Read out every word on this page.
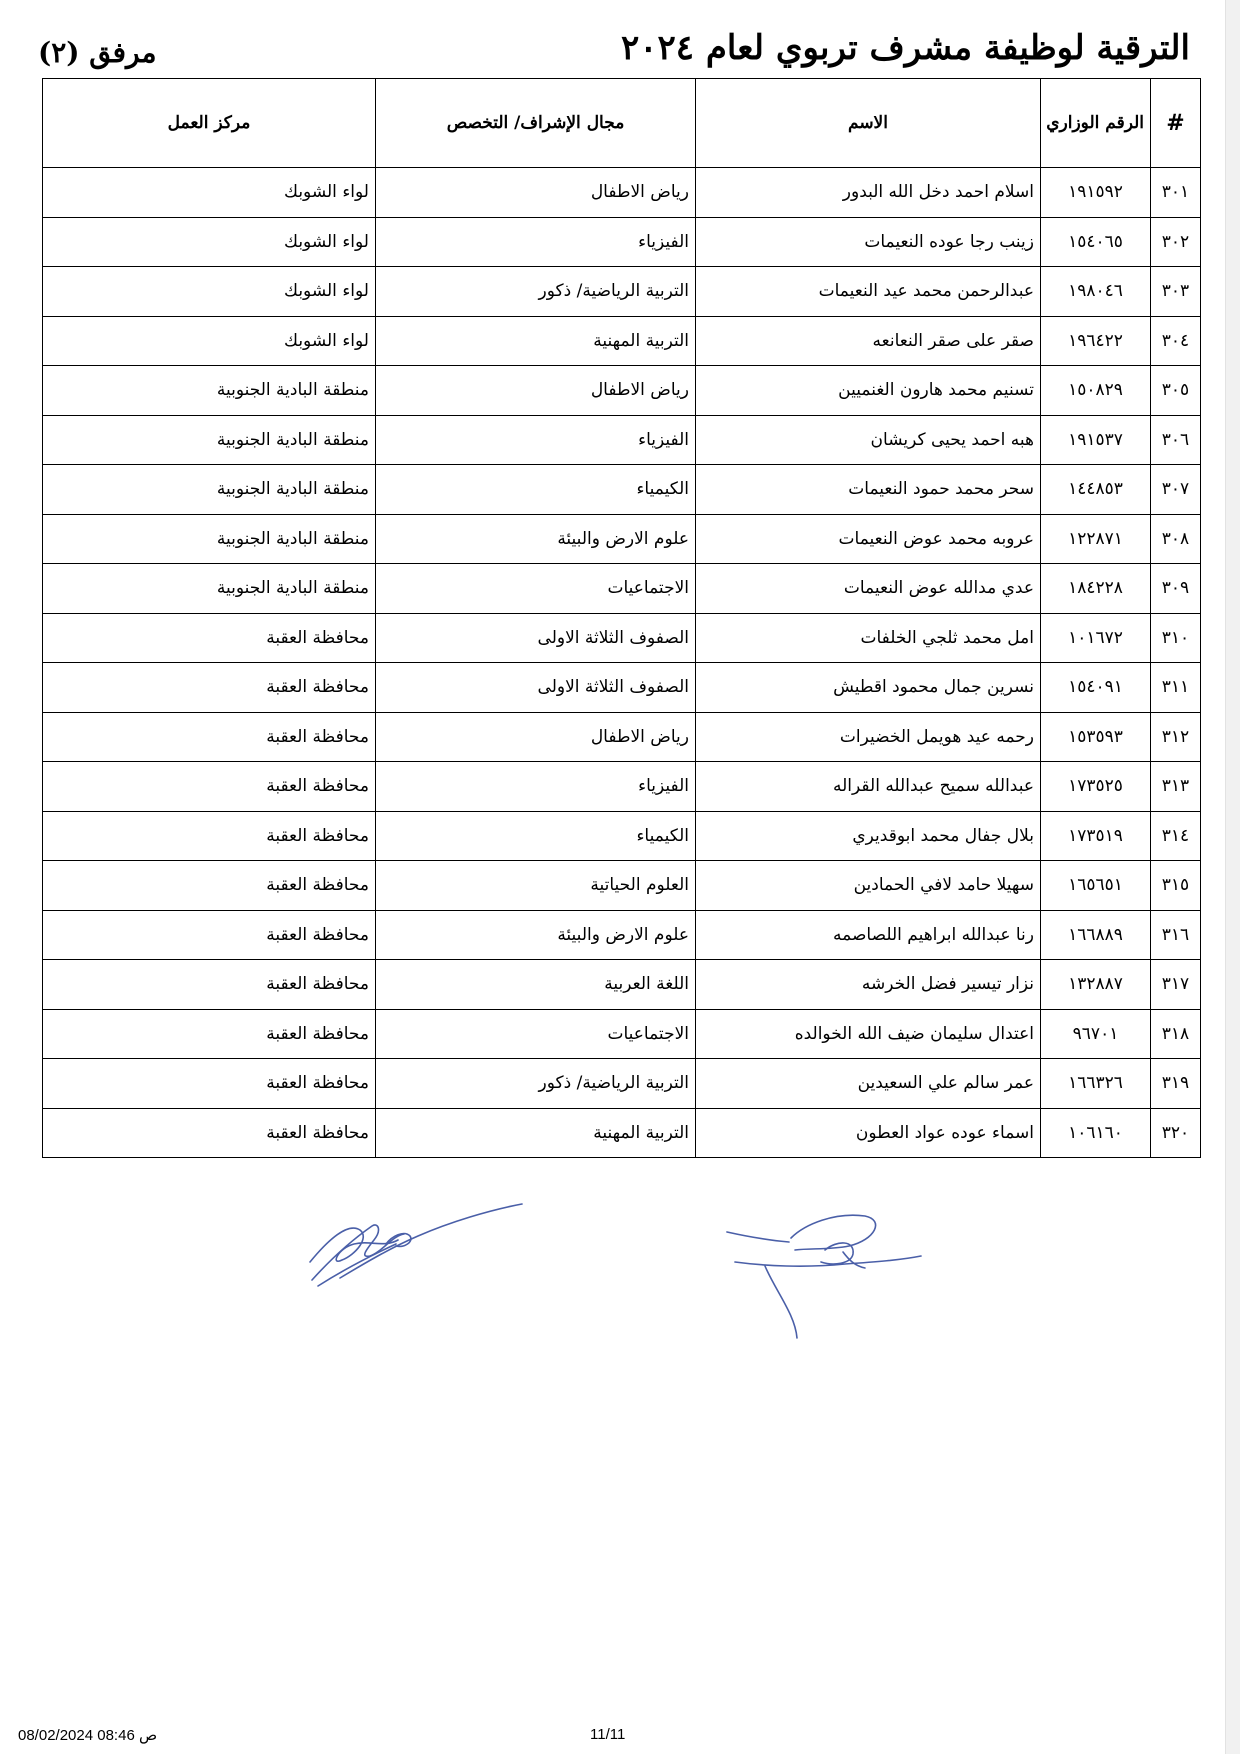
الترقية لوظيفة مشرف تربوي لعام ٢٠٢٤
مرفق (٢)
#	الرقم الوزاري	الاسم	مجال الإشراف/ التخصص	مركز العمل
٣٠١	١٩١٥٩٢	اسلام احمد دخل الله البدور	رياض الاطفال	لواء الشوبك
٣٠٢	١٥٤٠٦٥	زينب رجا عوده النعيمات	الفيزياء	لواء الشوبك
٣٠٣	١٩٨٠٤٦	عبدالرحمن محمد عيد النعيمات	التربية الرياضية/ ذكور	لواء الشوبك
٣٠٤	١٩٦٤٢٢	صقر على صقر النعانعه	التربية المهنية	لواء الشوبك
٣٠٥	١٥٠٨٢٩	تسنيم محمد هارون الغنميين	رياض الاطفال	منطقة البادية الجنوبية
٣٠٦	١٩١٥٣٧	هبه احمد يحيى كريشان	الفيزياء	منطقة البادية الجنوبية
٣٠٧	١٤٤٨٥٣	سحر محمد حمود النعيمات	الكيمياء	منطقة البادية الجنوبية
٣٠٨	١٢٢٨٧١	عروبه محمد عوض النعيمات	علوم الارض والبيئة	منطقة البادية الجنوبية
٣٠٩	١٨٤٢٢٨	عدي مدالله عوض النعيمات	الاجتماعيات	منطقة البادية الجنوبية
٣١٠	١٠١٦٧٢	امل محمد ثلجي الخلفات	الصفوف الثلاثة الاولى	محافظة العقبة
٣١١	١٥٤٠٩١	نسرين جمال محمود اقطيش	الصفوف الثلاثة الاولى	محافظة العقبة
٣١٢	١٥٣٥٩٣	رحمه عيد هويمل الخضيرات	رياض الاطفال	محافظة العقبة
٣١٣	١٧٣٥٢٥	عبدالله سميح عبدالله القراله	الفيزياء	محافظة العقبة
٣١٤	١٧٣٥١٩	بلال جفال محمد ابوقديري	الكيمياء	محافظة العقبة
٣١٥	١٦٥٦٥١	سهيلا حامد لافي الحمادين	العلوم الحياتية	محافظة العقبة
٣١٦	١٦٦٨٨٩	رنا عبدالله ابراهيم اللصاصمه	علوم الارض والبيئة	محافظة العقبة
٣١٧	١٣٢٨٨٧	نزار تيسير فضل الخرشه	اللغة العربية	محافظة العقبة
٣١٨	٩٦٧٠١	اعتدال سليمان ضيف الله الخوالده	الاجتماعيات	محافظة العقبة
٣١٩	١٦٦٣٢٦	عمر سالم علي السعيدين	التربية الرياضية/ ذكور	محافظة العقبة
٣٢٠	١٠٦١٦٠	اسماء عوده عواد العطون	التربية المهنية	محافظة العقبة
ص 08:46 08/02/2024	11/11
